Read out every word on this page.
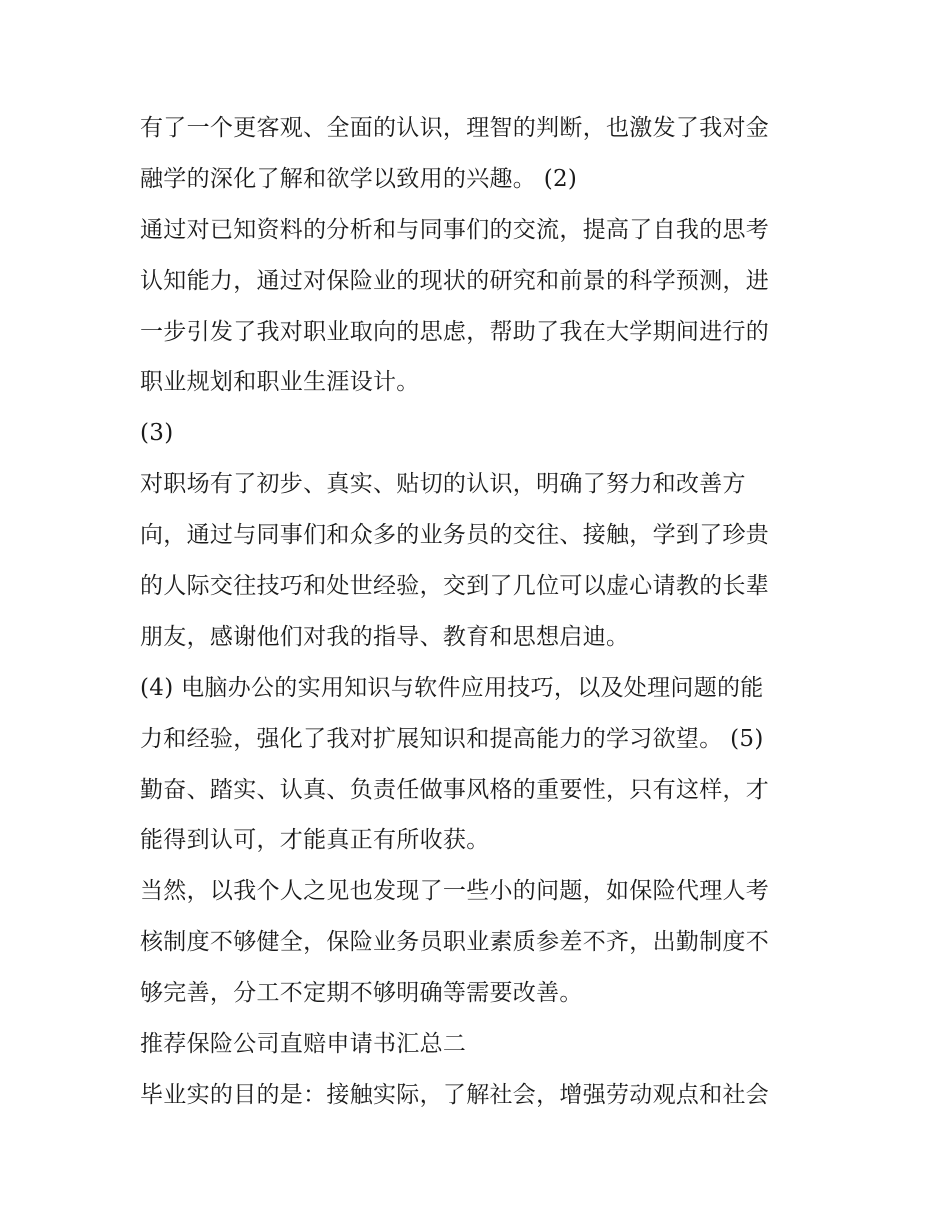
有了一个更客观、全面的认识，理智的判断，也激发了我对金
融学的深化了解和欲学以致用的兴趣。 (2)
通过对已知资料的分析和与同事们的交流，提高了自我的思考
认知能力，通过对保险业的现状的研究和前景的科学预测，进
一步引发了我对职业取向的思虑，帮助了我在大学期间进行的
职业规划和职业生涯设计。
(3)
对职场有了初步、真实、贴切的认识，明确了努力和改善方
向，通过与同事们和众多的业务员的交往、接触，学到了珍贵
的人际交往技巧和处世经验，交到了几位可以虚心请教的长辈
朋友，感谢他们对我的指导、教育和思想启迪。
(4) 电脑办公的实用知识与软件应用技巧，以及处理问题的能
力和经验，强化了我对扩展知识和提高能力的学习欲望。 (5)
勤奋、踏实、认真、负责任做事风格的重要性，只有这样，才
能得到认可，才能真正有所收获。
当然，以我个人之见也发现了一些小的问题，如保险代理人考
核制度不够健全，保险业务员职业素质参差不齐，出勤制度不
够完善，分工不定期不够明确等需要改善。
推荐保险公司直赔申请书汇总二
毕业实的目的是：接触实际，了解社会，增强劳动观点和社会
